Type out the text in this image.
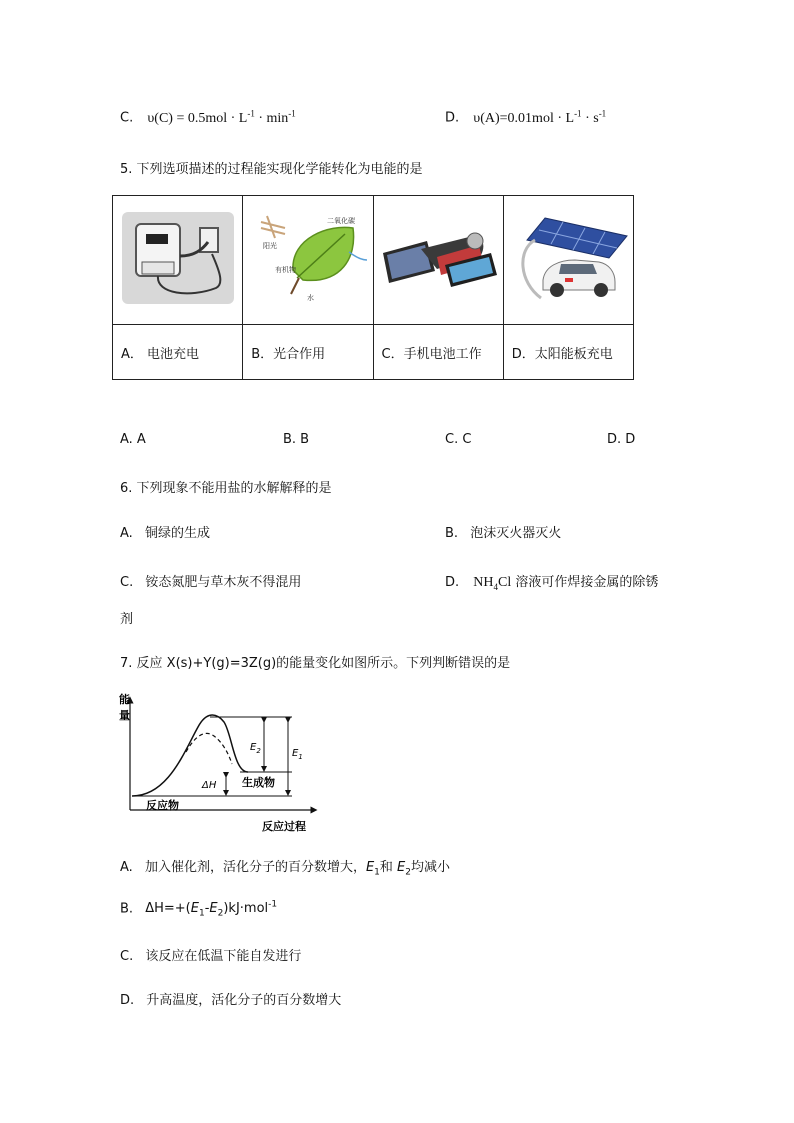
C. $\upsilon(C) = 0.5mol \cdot L^{-1} \cdot \min^{-1}$	D. $\upsilon(A)=0.01mol \cdot L^{-1} \cdot s^{-1}$
5. 下列选项描述的过程能实现化学能转化为电能的是

二氧化碳
阳光
有机物
水

A． 电池充电	B．光合作用	C．手机电池工作	D．太阳能板充电
A. A	B. B	C. C	D. D
6. 下列现象不能用盐的水解解释的是
A. 铜绿的生成	B. 泡沫灭火器灭火
C. 铵态氮肥与草木灰不得混用	D. $NH_4Cl$ 溶液可作焊接金属的除锈
剂
7. 反应 X(s)+Y(g)=3Z(g)的能量变化如图所示。下列判断错误的是
能
量
反应过程
$E_2$	$E_1$
ΔH 生成物
反应物
A. 加入催化剂，活化分子的百分数增大，$E_1$和 $E_2$均减小
B. $\Delta H=+(E_1-E_2)kJ\cdot mol^{-1}$
C. 该反应在低温下能自发进行
D. 升高温度，活化分子的百分数增大
